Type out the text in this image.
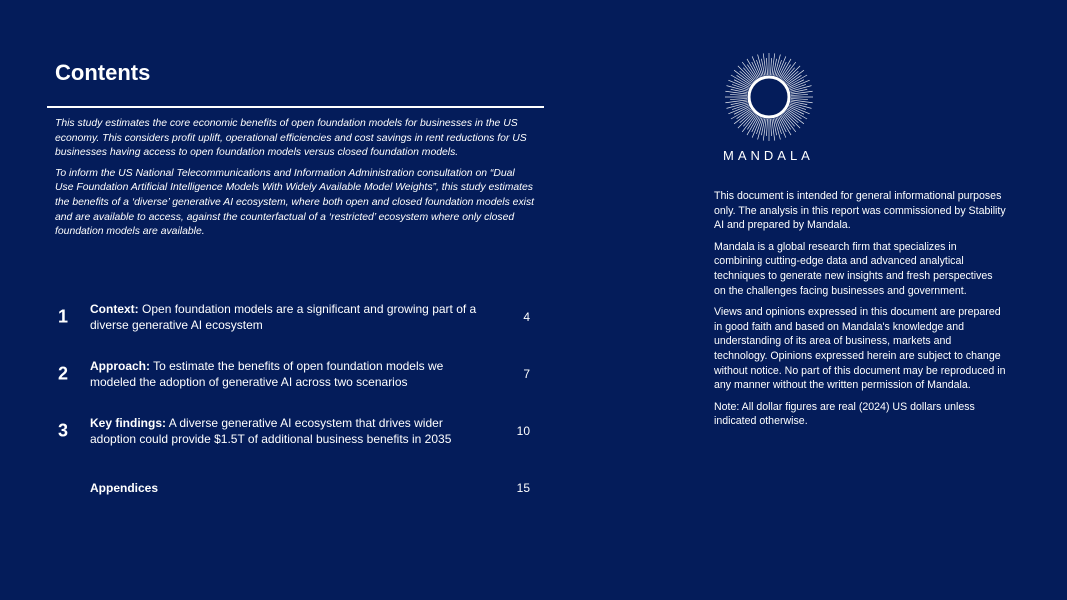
Contents

This study estimates the core economic benefits of open foundation models for businesses in the US economy. This considers profit uplift, operational efficiencies and cost savings in rent reductions for US businesses having access to open foundation models versus closed foundation models.

To inform the US National Telecommunications and Information Administration consultation on “Dual Use Foundation Artificial Intelligence Models With Widely Available Model Weights”, this study estimates the benefits of a ‘diverse’ generative AI ecosystem, where both open and closed foundation models exist and are available to access, against the counterfactual of a ‘restricted’ ecosystem where only closed foundation models are available.

1 Context: Open foundation models are a significant and growing part of a diverse generative AI ecosystem
4
2 Approach: To estimate the benefits of open foundation models we modeled the adoption of generative AI across two scenarios
7
3 Key findings: A diverse generative AI ecosystem that drives wider adoption could provide $1.5T of additional business benefits in 2035
10
Appendices	15
MANDALA

This document is intended for general informational purposes only. The analysis in this report was commissioned by Stability AI and prepared by Mandala.

Mandala is a global research firm that specializes in combining cutting-edge data and advanced analytical techniques to generate new insights and fresh perspectives on the challenges facing businesses and government.

Views and opinions expressed in this document are prepared in good faith and based on Mandala's knowledge and understanding of its area of business, markets and technology. Opinions expressed herein are subject to change without notice. No part of this document may be reproduced in any manner without the written permission of Mandala.

Note: All dollar figures are real (2024) US dollars unless indicated otherwise.
